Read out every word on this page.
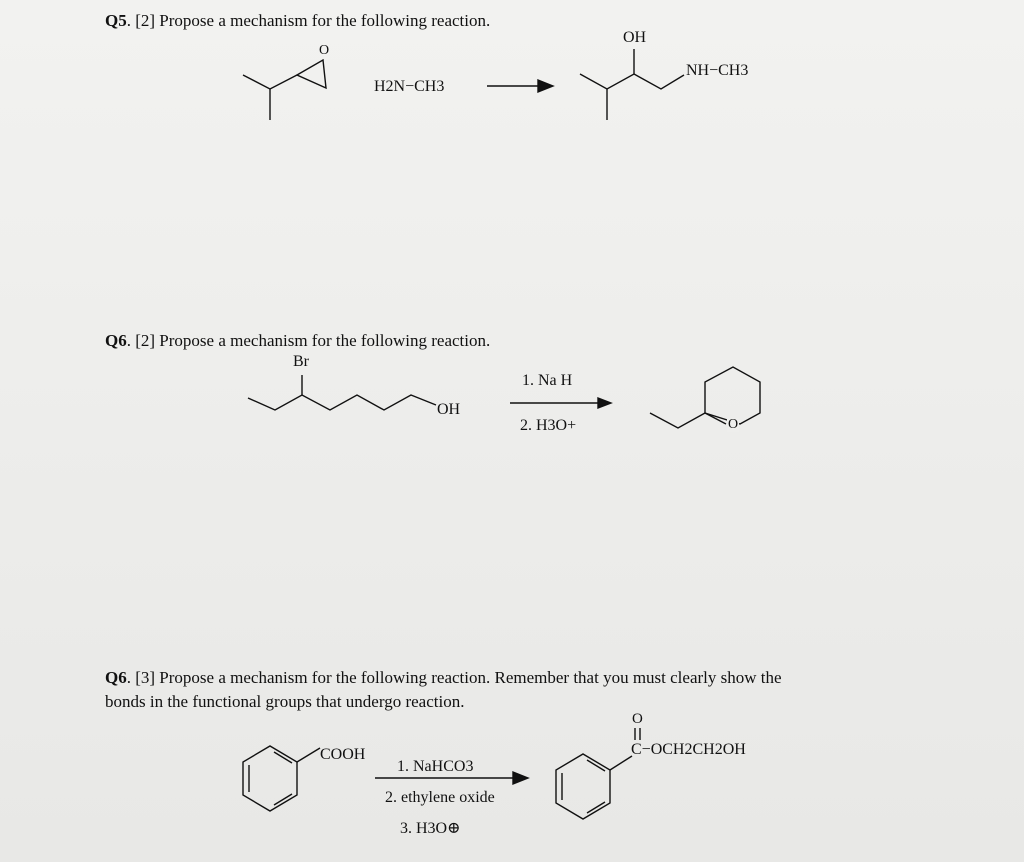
Q5. [2] Propose a mechanism for the following reaction.
O
H2N−CH3
OH
NH−CH3
Q6. [2] Propose a mechanism for the following reaction.
Br
OH
1. Na H
2. H3O+	O
Q6. [3] Propose a mechanism for the following reaction. Remember that you must clearly show the
bonds in the functional groups that undergo reaction.
COOH
1. NaHCO3
2. ethylene oxide
3. H3O⊕
O
C−OCH2CH2OH
